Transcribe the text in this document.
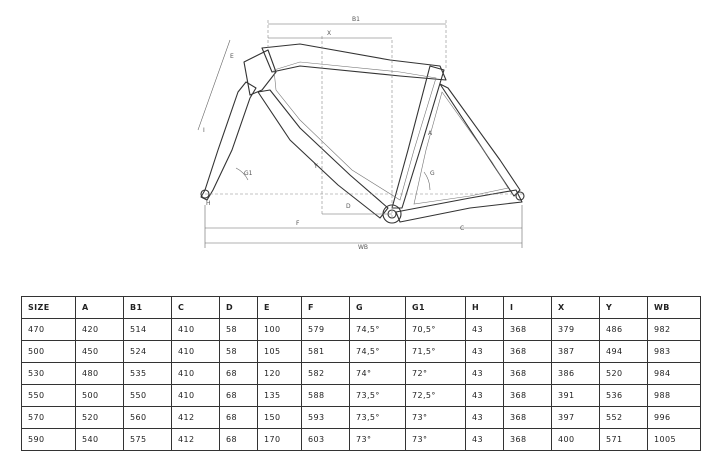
B1
X
E
I	A
G
G1
Y
D
H
F
C
WB
SIZE	A	B1	C	D	E	F	G	G1	H	I	X	Y	WB
470	420	514	410	58	100	579	74,5°	70,5°	43	368	379	486	982
500	450	524	410	58	105	581	74,5°	71,5°	43	368	387	494	983
530	480	535	410	68	120	582	74°	72°	43	368	386	520	984
550	500	550	410	68	135	588	73,5°	72,5°	43	368	391	536	988
570	520	560	412	68	150	593	73,5°	73°	43	368	397	552	996
590	540	575	412	68	170	603	73°	73°	43	368	400	571	1005
